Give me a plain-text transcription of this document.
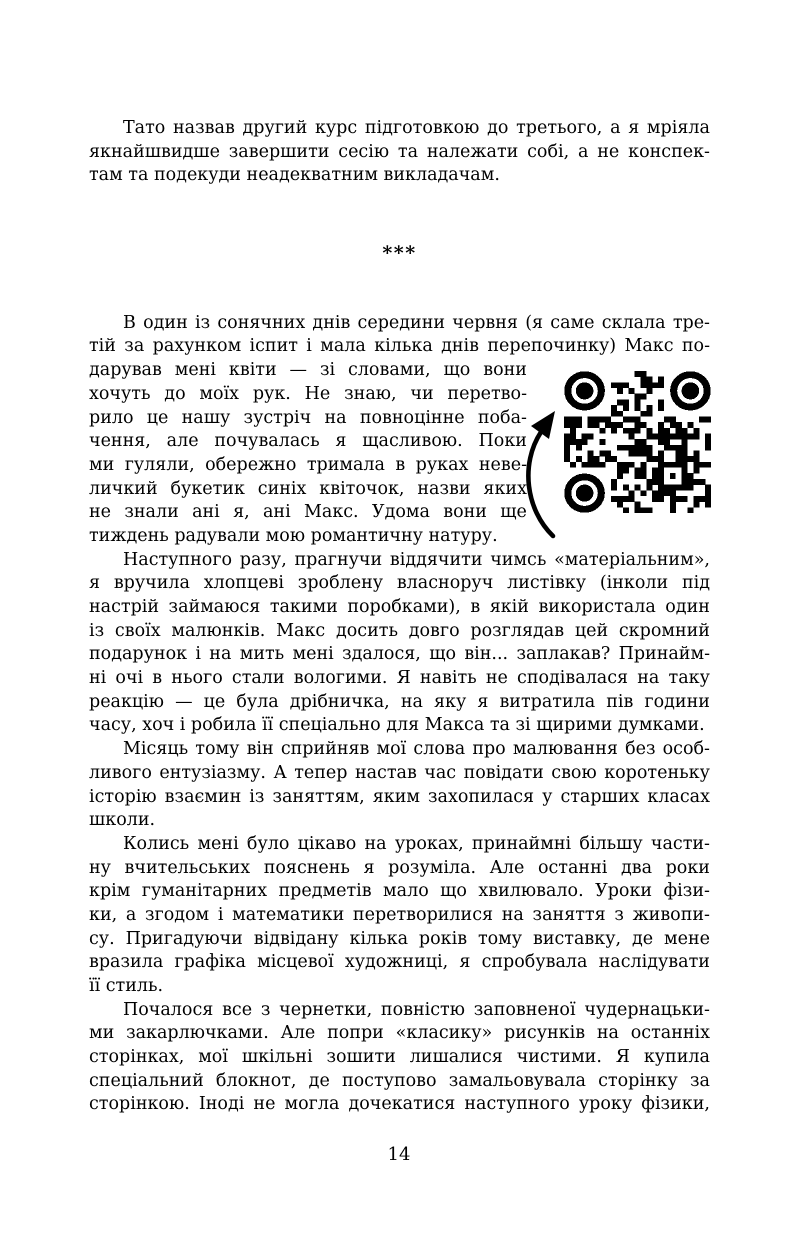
Тато назвав другий курс підготовкою до третього, а я мріяла
якнайшвидше завершити сесію та належати собі, а не конспек-
там та подекуди неадекватним викладачам.
***
В один із сонячних днів середини червня (я саме склала тре-
тій за рахунком іспит і мала кілька днів перепочинку) Макс по-
дарував мені квіти — зі словами, що вони
хочуть до моїх рук. Не знаю, чи перетво-
рило це нашу зустріч на повноцінне поба-
чення, але почувалась я щасливою. Поки
ми гуляли, обережно тримала в руках неве-
личкий букетик синіх квіточок, назви яких
не знали ані я, ані Макс. Удома вони ще
тиждень радували мою романтичну натуру.
Наступного разу, прагнучи віддячити чимсь «матеріальним»,
я вручила хлопцеві зроблену власноруч листівку (інколи під
настрій займаюся такими поробками), в якій використала один
із своїх малюнків. Макс досить довго розглядав цей скромний
подарунок і на мить мені здалося, що він... заплакав? Принайм-
ні очі в нього стали вологими. Я навіть не сподівалася на таку
реакцію — це була дрібничка, на яку я витратила пів години
часу, хоч і робила її спеціально для Макса та зі щирими думками.
Місяць тому він сприйняв мої слова про малювання без особ-
ливого ентузіазму. А тепер настав час повідати свою коротеньку
історію взаємин із заняттям, яким захопилася у старших класах
школи.
Колись мені було цікаво на уроках, принаймні більшу части-
ну вчительських пояснень я розуміла. Але останні два роки
крім гуманітарних предметів мало що хвилювало. Уроки фізи-
ки, а згодом і математики перетворилися на заняття з живопи-
су. Пригадуючи відвідану кілька років тому виставку, де мене
вразила графіка місцевої художниці, я спробувала наслідувати
її стиль.
Почалося все з чернетки, повністю заповненої чудернацьки-
ми закарлючками. Але попри «класику» рисунків на останніх
сторінках, мої шкільні зошити лишалися чистими. Я купила
спеціальний блокнот, де поступово замальовувала сторінку за
сторінкою. Іноді не могла дочекатися наступного уроку фізики,
14
